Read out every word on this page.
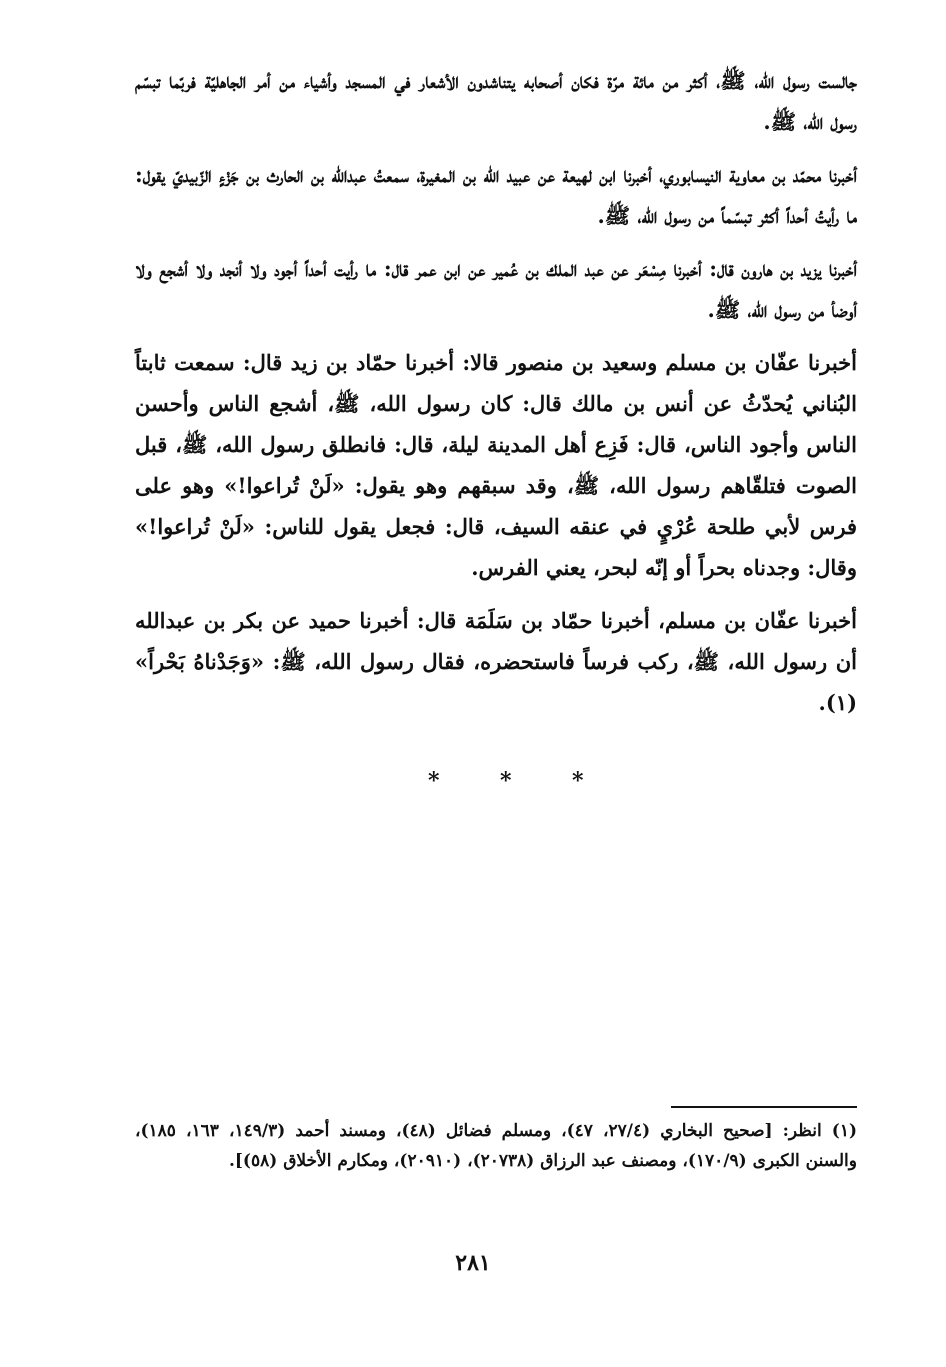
جالست رسول الله، ﷺ، أكثر من مائة مرّة فكان أصحابه يتناشدون الأشعار في المسجد وأشياء من أمر الجاهليّة فربّما تبسّم رسول الله، ﷺ.

أخبرنا محمّد بن معاوية النيسابوري، أخبرنا ابن لهيعة عن عبيد الله بن المغيرة، سمعتُ عبدالله بن الحارث بن جَزْءٍ الزّبيديّ يقول: ما رأيتُ أحداً أكثر تبسّماً من رسول الله، ﷺ.

أخبرنا يزيد بن هارون قال: أخبرنا مِسْعَر عن عبد الملك بن عُمير عن ابن عمر قال: ما رأيت أحداً أجود ولا أنجد ولا أشجع ولا أوضأ من رسول الله، ﷺ.

أخبرنا عفّان بن مسلم وسعيد بن منصور قالا: أخبرنا حمّاد بن زيد قال: سمعت ثابتاً البُناني يُحدّثُ عن أنس بن مالك قال: كان رسول الله، ﷺ، أشجع الناس وأحسن الناس وأجود الناس، قال: فَزِع أهل المدينة ليلة، قال: فانطلق رسول الله، ﷺ، قبل الصوت فتلقّاهم رسول الله، ﷺ، وقد سبقهم وهو يقول: «لَنْ تُراعوا!» وهو على فرس لأبي طلحة عُرْيٍ في عنقه السيف، قال: فجعل يقول للناس: «لَنْ تُراعوا!» وقال: وجدناه بحراً أو إنّه لبحر، يعني الفرس.

أخبرنا عفّان بن مسلم، أخبرنا حمّاد بن سَلَمَة قال: أخبرنا حميد عن بكر بن عبدالله أن رسول الله، ﷺ، ركب فرساً فاستحضره، فقال رسول الله، ﷺ: «وَجَدْناهُ بَحْراً» (١).

*	*	*

(١) انظر: [صحيح البخاري (٢٧/٤، ٤٧)، ومسلم فضائل (٤٨)، ومسند أحمد (١٤٩/٣، ١٦٣، ١٨٥)، والسنن الكبرى (١٧٠/٩)، ومصنف عبد الرزاق (٢٠٧٣٨)، (٢٠٩١٠)، ومكارم الأخلاق (٥٨)].

٢٨١
